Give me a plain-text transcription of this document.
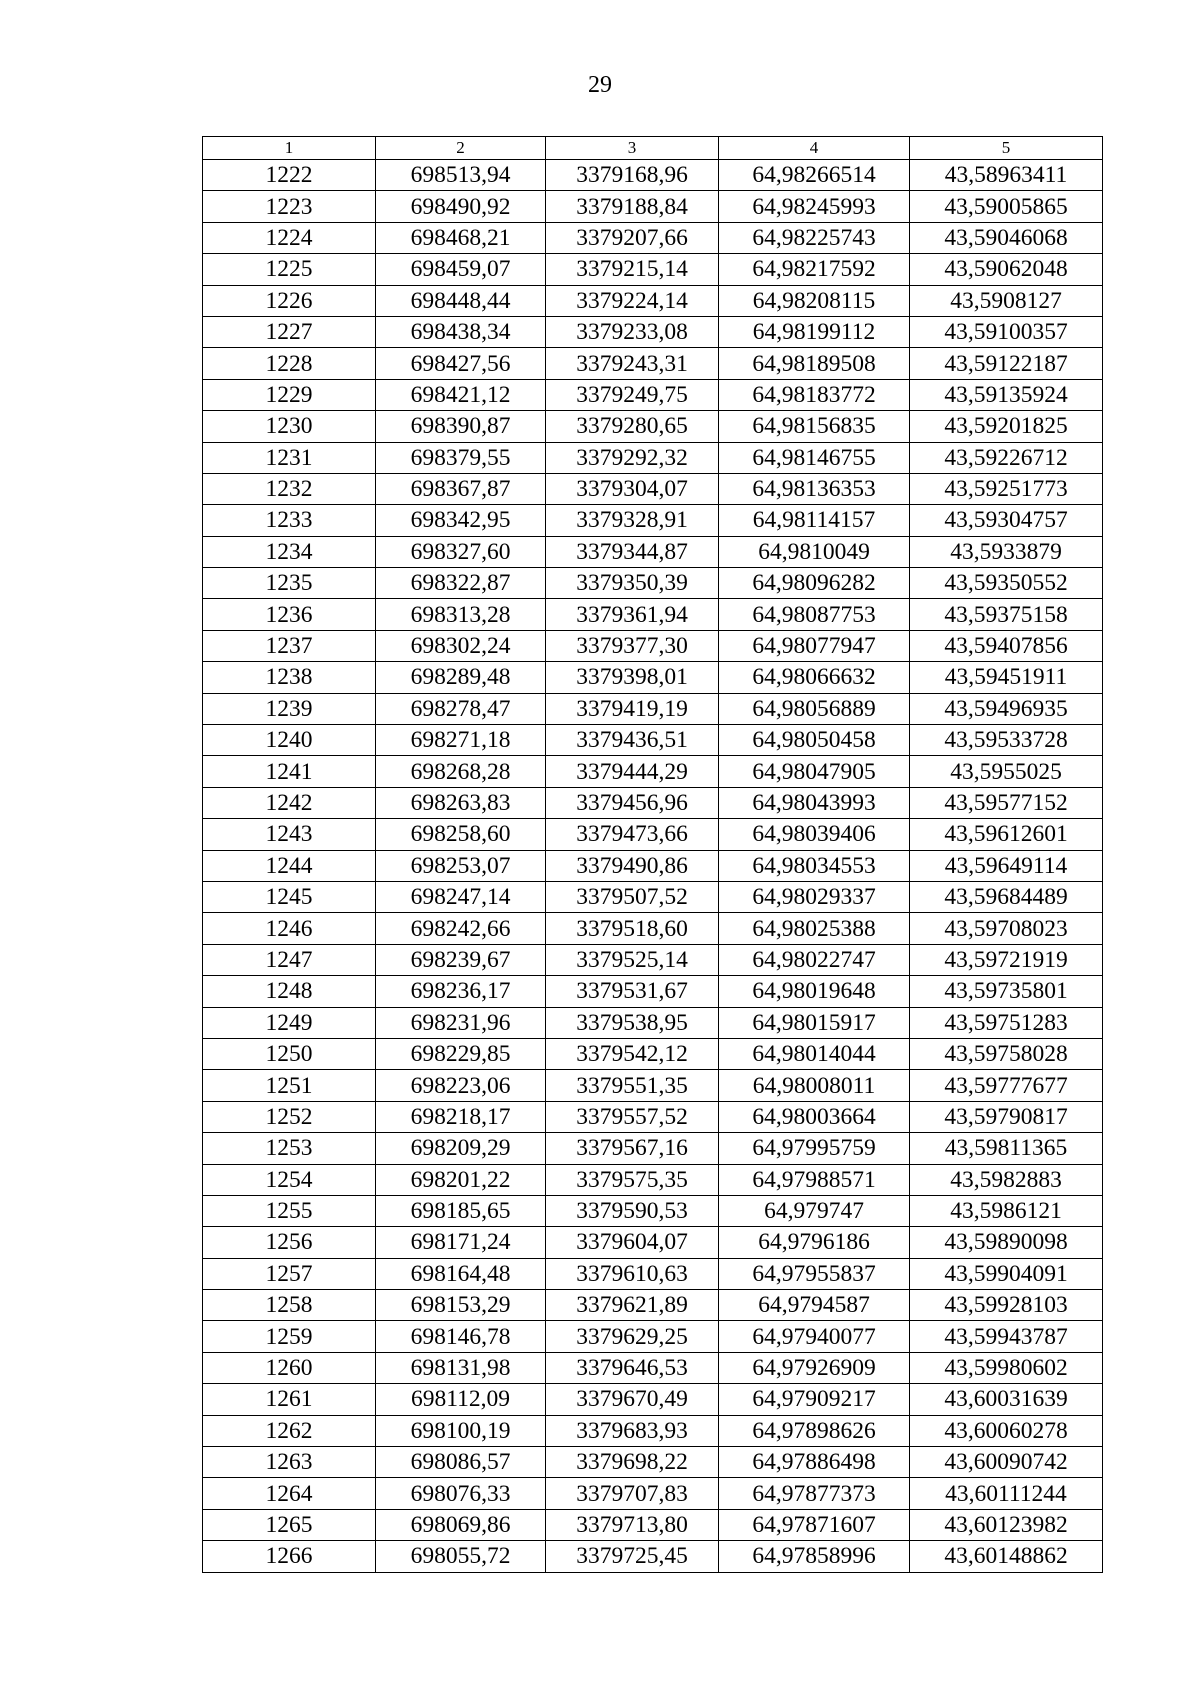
29
1	2	3	4	5
1222	698513,94	3379168,96	64,98266514	43,58963411
1223	698490,92	3379188,84	64,98245993	43,59005865
1224	698468,21	3379207,66	64,98225743	43,59046068
1225	698459,07	3379215,14	64,98217592	43,59062048
1226	698448,44	3379224,14	64,98208115	43,5908127
1227	698438,34	3379233,08	64,98199112	43,59100357
1228	698427,56	3379243,31	64,98189508	43,59122187
1229	698421,12	3379249,75	64,98183772	43,59135924
1230	698390,87	3379280,65	64,98156835	43,59201825
1231	698379,55	3379292,32	64,98146755	43,59226712
1232	698367,87	3379304,07	64,98136353	43,59251773
1233	698342,95	3379328,91	64,98114157	43,59304757
1234	698327,60	3379344,87	64,9810049	43,5933879
1235	698322,87	3379350,39	64,98096282	43,59350552
1236	698313,28	3379361,94	64,98087753	43,59375158
1237	698302,24	3379377,30	64,98077947	43,59407856
1238	698289,48	3379398,01	64,98066632	43,59451911
1239	698278,47	3379419,19	64,98056889	43,59496935
1240	698271,18	3379436,51	64,98050458	43,59533728
1241	698268,28	3379444,29	64,98047905	43,5955025
1242	698263,83	3379456,96	64,98043993	43,59577152
1243	698258,60	3379473,66	64,98039406	43,59612601
1244	698253,07	3379490,86	64,98034553	43,59649114
1245	698247,14	3379507,52	64,98029337	43,59684489
1246	698242,66	3379518,60	64,98025388	43,59708023
1247	698239,67	3379525,14	64,98022747	43,59721919
1248	698236,17	3379531,67	64,98019648	43,59735801
1249	698231,96	3379538,95	64,98015917	43,59751283
1250	698229,85	3379542,12	64,98014044	43,59758028
1251	698223,06	3379551,35	64,98008011	43,59777677
1252	698218,17	3379557,52	64,98003664	43,59790817
1253	698209,29	3379567,16	64,97995759	43,59811365
1254	698201,22	3379575,35	64,97988571	43,5982883
1255	698185,65	3379590,53	64,979747	43,5986121
1256	698171,24	3379604,07	64,9796186	43,59890098
1257	698164,48	3379610,63	64,97955837	43,59904091
1258	698153,29	3379621,89	64,9794587	43,59928103
1259	698146,78	3379629,25	64,97940077	43,59943787
1260	698131,98	3379646,53	64,97926909	43,59980602
1261	698112,09	3379670,49	64,97909217	43,60031639
1262	698100,19	3379683,93	64,97898626	43,60060278
1263	698086,57	3379698,22	64,97886498	43,60090742
1264	698076,33	3379707,83	64,97877373	43,60111244
1265	698069,86	3379713,80	64,97871607	43,60123982
1266	698055,72	3379725,45	64,97858996	43,60148862
